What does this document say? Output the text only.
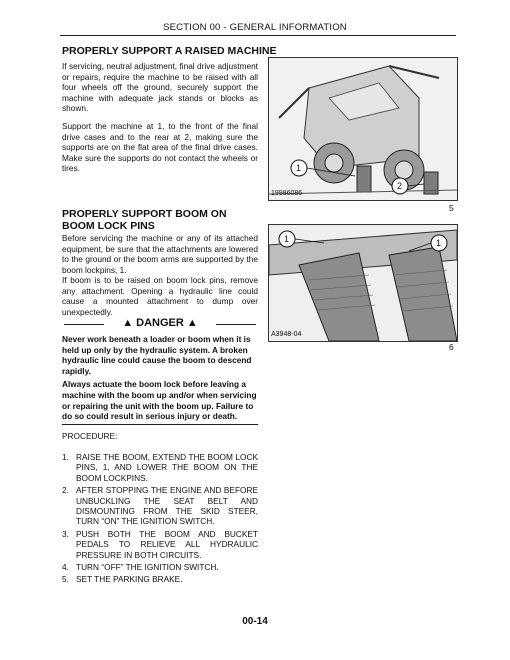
SECTION 00 - GENERAL INFORMATION
PROPERLY SUPPORT A RAISED MACHINE
If servicing, neutral adjustment, final drive adjustment or repairs, require the machine to be raised with all four wheels off the ground, securely support the machine with adequate jack stands or blocks as shown.
Support the machine at 1, to the front of the final drive cases and to the rear at 2, making sure the supports are on the flat area of the final drive cases. Make sure the supports do not contact the wheels or tires.	1
2
19986086
5
PROPERLY SUPPORT BOOM ON BOOM LOCK PINS
Before servicing the machine or any of its attached equipment, be sure that the attachments are lowered to the ground or the boom arms are supported by the boom lockpins, 1.
If boom is to be raised on boom lock pins, remove any attachment. Opening a hydraulic line could cause a mounted attachment to dump over unexpectedly.
1	1
A3948-04
6
▲ DANGER ▲

Never work beneath a loader or boom when it is held up only by the hydraulic system. A broken hydraulic line could cause the boom to descend rapidly.

Always actuate the boom lock before leaving a machine with the boom up and/or when servicing or repairing the unit with the boom up. Failure to do so could result in serious injury or death.

PROCEDURE:
1. RAISE THE BOOM, EXTEND THE BOOM LOCK PINS, 1, AND LOWER THE BOOM ON THE BOOM LOCKPINS.
2. AFTER STOPPING THE ENGINE AND BEFORE UNBUCKLING THE SEAT BELT AND DISMOUNTING FROM THE SKID STEER, TURN “ON” THE IGNITION SWITCH.
3. PUSH BOTH THE BOOM AND BUCKET PEDALS TO RELIEVE ALL HYDRAULIC PRESSURE IN BOTH CIRCUITS.
4. TURN “OFF” THE IGNITION SWITCH.
5. SET THE PARKING BRAKE.
00-14
